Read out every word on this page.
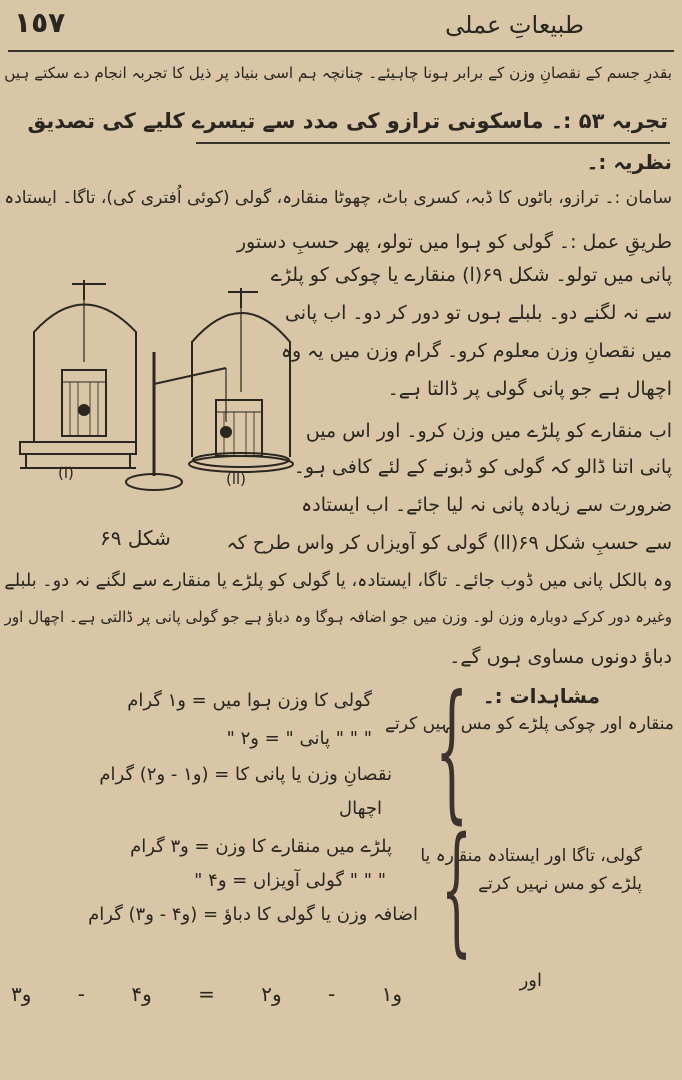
١٥٧	طبیعاتِ عملی
بقدرِ جسم کے نقصانِ وزن کے برابر ہونا چاہیئے۔ چنانچہ ہم اسی بنیاد پر ذیل کا تجربہ انجام دے سکتے ہیں
تجربہ ۵۳ :۔ ماسکونی ترازو کی مدد سے تیسرے کلیے کی تصدیق
نظریہ :۔
سامان :۔ ترازو، باٹوں کا ڈبہ، کسری باٹ، چھوٹا منقارہ، گولی (کوئی اُفتری کی)، تاگا۔ ایستادہ
طریقِ عمل :۔ گولی کو ہوا میں تولو، پھر حسبِ دستور
پانی میں تولو۔ شکل ۶۹(ا) منقارے یا چوکی کو پلڑے
سے نہ لگنے دو۔ بلبلے ہوں تو دور کر دو۔ اب پانی
میں نقصانِ وزن معلوم کرو۔ گرام وزن میں یہ وہ
اچھال ہے جو پانی گولی پر ڈالتا ہے۔
اب منقارے کو پلڑے میں وزن کرو۔ اور اس میں
پانی اتنا ڈالو کہ گولی کو ڈبونے کے لئے کافی ہو۔
ضرورت سے زیادہ پانی نہ لیا جائے۔ اب ایستادہ
سے حسبِ شکل ۶۹(اا) گولی کو آویزاں کر واس طرح کہ
(ا)	(اا)
شکل ۶۹
وہ بالکل پانی میں ڈوب جائے۔ تاگا، ایستادہ، یا گولی کو پلڑے یا منقارے سے لگنے نہ دو۔ بلبلے
وغیرہ دور کرکے دوبارہ وزن لو۔ وزن میں جو اضافہ ہوگا وہ دباؤ ہے جو گولی پانی پر ڈالتی ہے۔ اچھال اور
دباؤ دونوں مساوی ہوں گے۔
مشاہدات :۔
منقارہ اور چوکی پلڑے کو مس نہیں کرتے
{
گولی کا وزن ہوا میں = و۱ گرام
" " " پانی " = و۲ "
نقصانِ وزن یا پانی کا = (و۱ - و۲) گرام
اچھال
گولی، تاگا اور ایستادہ منقارہ یا
پلڑے کو مس نہیں کرتے
{
پلڑے میں منقارے کا وزن = و۳ گرام
" " " گولی آویزاں = و۴ "
اضافہ وزن یا گولی کا دباؤ = (و۴ - و۳) گرام
اور
و۱ - و۲ = و۴ - و۳
